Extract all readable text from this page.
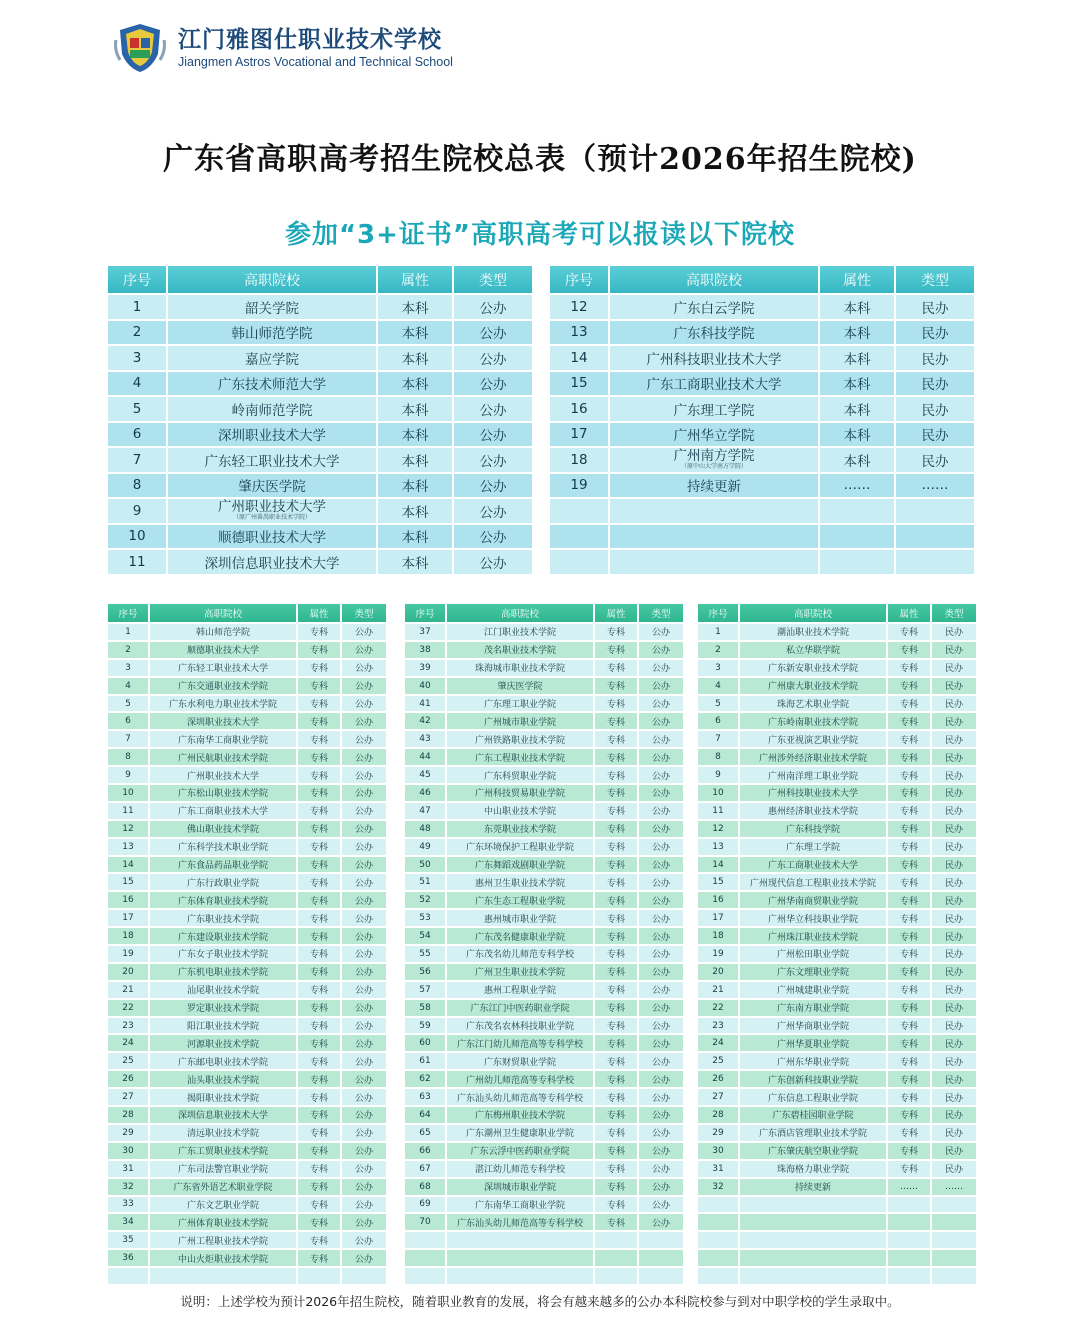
江门雅图仕职业技术学校
Jiangmen Astros Vocational and Technical School
广东省高职高考招生院校总表（预计2026年招生院校)
参加“3+证书”高职高考可以报读以下院校
序号	高职院校	属性	类型
1	韶关学院	本科	公办
2	韩山师范学院	本科	公办
3	嘉应学院	本科	公办
4	广东技术师范大学	本科	公办
5	岭南师范学院	本科	公办
6	深圳职业技术大学	本科	公办
7	广东轻工职业技术大学	本科	公办
8	肇庆医学院	本科	公办
9	广州职业技术大学
（原广州番禺职业技术学院）	本科	公办
10	顺德职业技术大学	本科	公办
11	深圳信息职业技术大学	本科	公办
序号	高职院校	属性	类型
12	广东白云学院	本科	民办
13	广东科技学院	本科	民办
14	广州科技职业技术大学	本科	民办
15	广东工商职业技术大学	本科	民办
16	广东理工学院	本科	民办
17	广州华立学院	本科	民办
18	广州南方学院
（原中山大学南方学院）	本科	民办
19	持续更新	……	……

序号	高职院校	属性	类型
1	韩山师范学院	专科	公办
2	顺德职业技术大学	专科	公办
3	广东轻工职业技术大学	专科	公办
4	广东交通职业技术学院	专科	公办
5	广东水利电力职业技术学院	专科	公办
6	深圳职业技术大学	专科	公办
7	广东南华工商职业学院	专科	公办
8	广州民航职业技术学院	专科	公办
9	广州职业技术大学	专科	公办
10	广东松山职业技术学院	专科	公办
11	广东工商职业技术大学	专科	公办
12	佛山职业技术学院	专科	公办
13	广东科学技术职业学院	专科	公办
14	广东食品药品职业学院	专科	公办
15	广东行政职业学院	专科	公办
16	广东体育职业技术学院	专科	公办
17	广东职业技术学院	专科	公办
18	广东建设职业技术学院	专科	公办
19	广东女子职业技术学院	专科	公办
20	广东机电职业技术学院	专科	公办
21	汕尾职业技术学院	专科	公办
22	罗定职业技术学院	专科	公办
23	阳江职业技术学院	专科	公办
24	河源职业技术学院	专科	公办
25	广东邮电职业技术学院	专科	公办
26	汕头职业技术学院	专科	公办
27	揭阳职业技术学院	专科	公办
28	深圳信息职业技术大学	专科	公办
29	清远职业技术学院	专科	公办
30	广东工贸职业技术学院	专科	公办
31	广东司法警官职业学院	专科	公办
32	广东省外语艺术职业学院	专科	公办
33	广东文艺职业学院	专科	公办
34	广州体育职业技术学院	专科	公办
35	广州工程职业技术学院	专科	公办
36	中山火炬职业技术学院	专科	公办

序号	高职院校	属性	类型
37	江门职业技术学院	专科	公办
38	茂名职业技术学院	专科	公办
39	珠海城市职业技术学院	专科	公办
40	肇庆医学院	专科	公办
41	广东理工职业学院	专科	公办
42	广州城市职业学院	专科	公办
43	广州铁路职业技术学院	专科	公办
44	广东工程职业技术学院	专科	公办
45	广东科贸职业学院	专科	公办
46	广州科技贸易职业学院	专科	公办
47	中山职业技术学院	专科	公办
48	东莞职业技术学院	专科	公办
49	广东环境保护工程职业学院	专科	公办
50	广东舞蹈戏剧职业学院	专科	公办
51	惠州卫生职业技术学院	专科	公办
52	广东生态工程职业学院	专科	公办
53	惠州城市职业学院	专科	公办
54	广东茂名健康职业学院	专科	公办
55	广东茂名幼儿师范专科学校	专科	公办
56	广州卫生职业技术学院	专科	公办
57	惠州工程职业学院	专科	公办
58	广东江门中医药职业学院	专科	公办
59	广东茂名农林科技职业学院	专科	公办
60	广东江门幼儿师范高等专科学校	专科	公办
61	广东财贸职业学院	专科	公办
62	广州幼儿师范高等专科学校	专科	公办
63	广东汕头幼儿师范高等专科学校	专科	公办
64	广东梅州职业技术学院	专科	公办
65	广东潮州卫生健康职业学院	专科	公办
66	广东云浮中医药职业学院	专科	公办
67	湛江幼儿师范专科学校	专科	公办
68	深圳城市职业学院	专科	公办
69	广东南华工商职业学院	专科	公办
70	广东汕头幼儿师范高等专科学校	专科	公办

序号	高职院校	属性	类型
1	潮汕职业技术学院	专科	民办
2	私立华联学院	专科	民办
3	广东新安职业技术学院	专科	民办
4	广州康大职业技术学院	专科	民办
5	珠海艺术职业学院	专科	民办
6	广东岭南职业技术学院	专科	民办
7	广东亚视演艺职业学院	专科	民办
8	广州涉外经济职业技术学院	专科	民办
9	广州南洋理工职业学院	专科	民办
10	广州科技职业技术大学	专科	民办
11	惠州经济职业技术学院	专科	民办
12	广东科技学院	专科	民办
13	广东理工学院	专科	民办
14	广东工商职业技术大学	专科	民办
15	广州现代信息工程职业技术学院	专科	民办
16	广州华南商贸职业学院	专科	民办
17	广州华立科技职业学院	专科	民办
18	广州珠江职业技术学院	专科	民办
19	广州松田职业学院	专科	民办
20	广东文理职业学院	专科	民办
21	广州城建职业学院	专科	民办
22	广东南方职业学院	专科	民办
23	广州华商职业学院	专科	民办
24	广州华夏职业学院	专科	民办
25	广州东华职业学院	专科	民办
26	广东创新科技职业学院	专科	民办
27	广东信息工程职业学院	专科	民办
28	广东碧桂园职业学院	专科	民办
29	广东酒店管理职业技术学院	专科	民办
30	广东肇庆航空职业学院	专科	民办
31	珠海格力职业学院	专科	民办
32	持续更新	……	……

说明：上述学校为预计2026年招生院校，随着职业教育的发展，将会有越来越多的公办本科院校参与到对中职学校的学生录取中。
